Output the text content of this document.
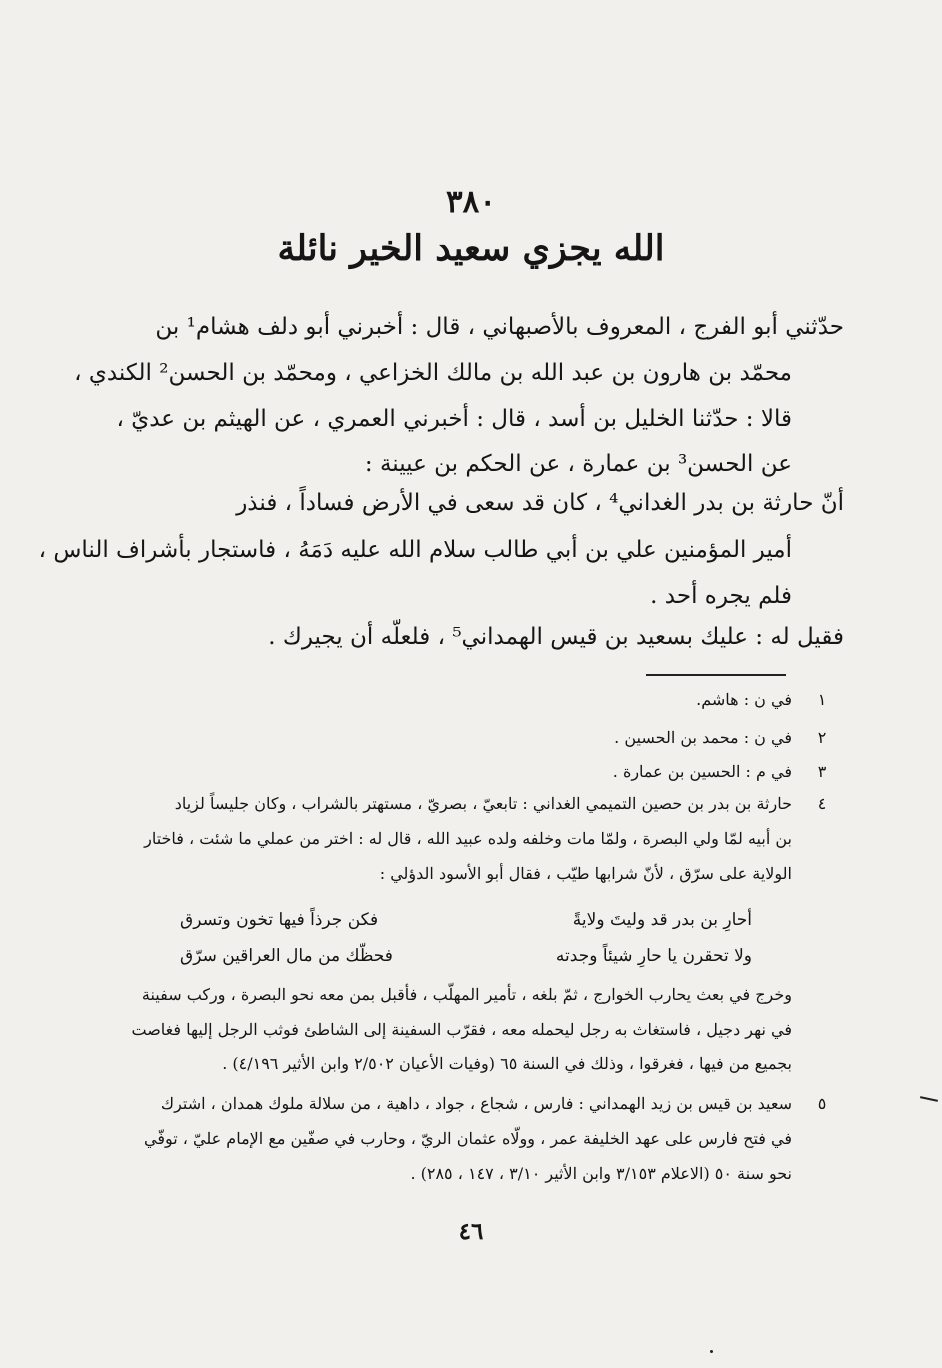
٣٨٠
الله يجزي سعيد الخير نائلة
حدّثني أبو الفرج ، المعروف بالأصبهاني ، قال : أخبرني أبو دلف هشام¹ بن
محمّد بن هارون بن عبد الله بن مالك الخزاعي ، ومحمّد بن الحسن² الكندي ،
قالا : حدّثنا الخليل بن أسد ، قال : أخبرني العمري ، عن الهيثم بن عديّ ،
عن الحسن³ بن عمارة ، عن الحكم بن عيينة :
أنّ حارثة بن بدر الغداني⁴ ، كان قد سعى في الأرض فساداً ، فنذر
أمير المؤمنين علي بن أبي طالب سلام الله عليه دَمَهُ ، فاستجار بأشراف الناس ،
فلم يجره أحد .
فقيل له : عليك بسعيد بن قيس الهمداني⁵ ، فلعلّه أن يجيرك .
١
في ن : هاشم.
٢
في ن : محمد بن الحسين .
٣
في م : الحسين بن عمارة .
٤
حارثة بن بدر بن حصين التميمي الغداني : تابعيّ ، بصريّ ، مستهتر بالشراب ، وكان جليساً لزياد
بن أبيه لمّا ولي البصرة ، ولمّا مات وخلفه ولده عبيد الله ، قال له : اختر من عملي ما شئت ، فاختار
الولاية على سرّق ، لأنّ شرابها طيّب ، فقال أبو الأسود الدؤلي :
أحارِ بن بدر قد وليتَ ولايةً
فكن جرذاً فيها تخون وتسرق
ولا تحقرن يا حارِ شيئاً وجدته
فحظّك من مال العراقين سرّق
وخرج في بعث يحارب الخوارج ، ثمّ بلغه ، تأمير المهلّب ، فأقبل بمن معه نحو البصرة ، وركب سفينة
في نهر دجيل ، فاستغاث به رجل ليحمله معه ، فقرّب السفينة إلى الشاطئ فوثب الرجل إليها فغاصت
بجميع من فيها ، فغرقوا ، وذلك في السنة ٦٥ (وفيات الأعيان ٢/٥٠٢ وابن الأثير ٤/١٩٦) .
٥
سعيد بن قيس بن زيد الهمداني : فارس ، شجاع ، جواد ، داهية ، من سلالة ملوك همدان ، اشترك
في فتح فارس على عهد الخليفة عمر ، وولّاه عثمان الريّ ، وحارب في صفّين مع الإمام عليّ ، توفّي
نحو سنة ٥٠ (الاعلام ٣/١٥٣ وابن الأثير ٣/١٠ ، ١٤٧ ، ٢٨٥) .
٤٦
